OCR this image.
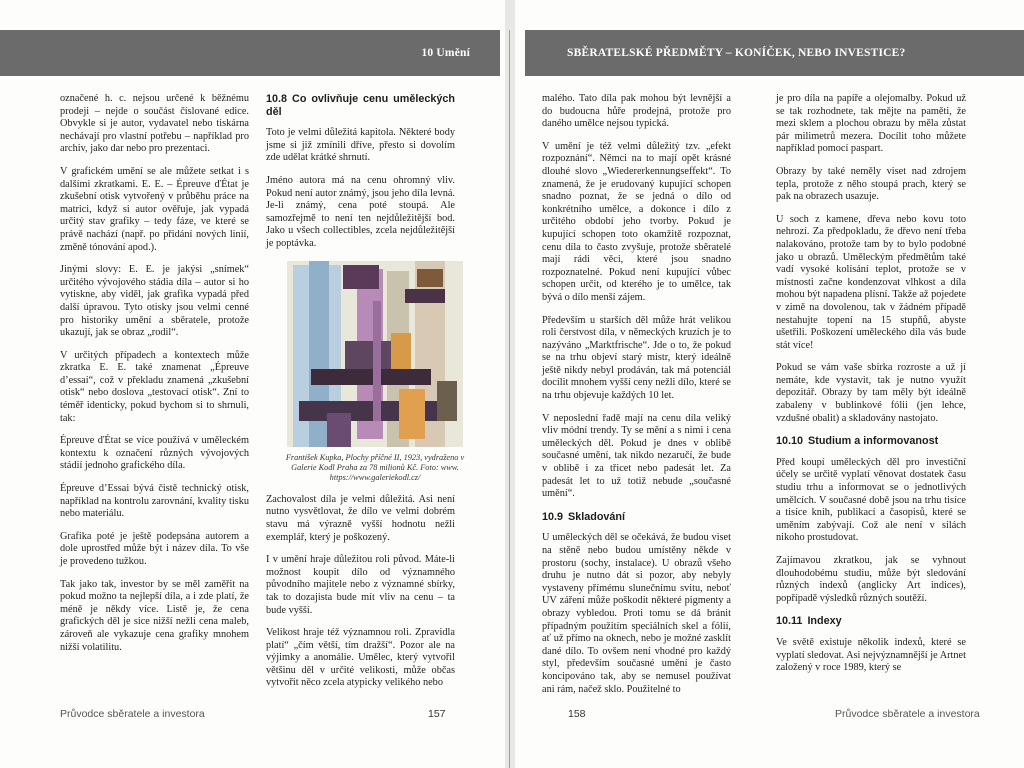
10 Umění

označené h. c. nejsou určené k běžnému prodeji – nejde o součást číslované edice. Obvykle si je autor, vydavatel nebo tiskárna nechávají pro vlastní potřebu – například pro archiv, jako dar nebo pro prezentaci.

V grafickém umění se ale můžete setkat i s dalšími zkratkami. E. E. – Épreuve ďÉtat je zkušební otisk vytvořený v průběhu práce na matrici, když si autor ověřuje, jak vypadá určitý stav grafiky – tedy fáze, ve které se právě nachází (např. po přidání nových linií, změně tónování apod.).

Jinými slovy: E. E. je jakýsi „snímek“ určitého vývojového stádia díla – autor si ho vytiskne, aby viděl, jak grafika vypadá před další úpravou. Tyto otisky jsou velmi cenné pro historiky umění a sběratele, protože ukazují, jak se obraz „rodil“.

V určitých případech a kontextech může zkratka E. E. také znamenat „Épreuve d’essai“, což v překladu znamená „zkušební otisk“ nebo doslova „testovací otisk“. Zní to téměř identicky, pokud bychom si to shrnuli, tak:

Épreuve ďÉtat se více používá v uměleckém kontextu k označení různých vývojových stádií jednoho grafického díla.

Épreuve d’Essai bývá čistě technický otisk, například na kontrolu zarovnání, kvality tisku nebo materiálu.

Grafika poté je ještě podepsána autorem a dole uprostřed může být i název díla. To vše je provedeno tužkou.

Tak jako tak, investor by se měl zaměřit na pokud možno ta nejlepší díla, a i zde platí, že méně je někdy více. Listě je, že cena grafických děl je sice nižší nežli cena maleb, zároveň ale vykazuje cena grafiky mnohem nižší volatilitu.

10.8 Co ovlivňuje cenu uměleckých děl

Toto je velmi důležitá kapitola. Některé body jsme si již zmínili dříve, přesto si dovolím zde udělat krátké shrnutí.

Jméno autora má na cenu ohromný vliv. Pokud není autor známý, jsou jeho díla levná. Je-li známý, cena poté stoupá. Ale samozřejmě to není ten nejdůležitější bod. Jako u všech collectibles, zcela nejdůležitější je poptávka.

František Kupka, Plochy příčné II, 1923, vydraženo v Galerie Kodl Praha za 78 milionů Kč. Foto: www. https://www.galeriekodl.cz/

Zachovalost díla je velmi důležitá. Asi není nutno vysvětlovat, že dílo ve velmi dobrém stavu má výrazně vyšší hodnotu nežli exemplář, který je poškozený.

I v umění hraje důležitou roli původ. Máte-li možnost koupit dílo od významného původního majitele nebo z významné sbírky, tak to dozajista bude mít vliv na cenu – ta bude vyšší.

Velikost hraje též významnou roli. Zpravidla platí“ „čím větší, tím dražší“. Pozor ale na výjimky a anomálie. Umělec, který vytvořil většinu děl v určité velikosti, může občas vytvořit něco zcela atypicky velikého nebo

Průvodce sběratele a investora	157
SBĚRATELSKÉ PŘEDMĚTY – KONÍČEK, NEBO INVESTICE?

malého. Tato díla pak mohou být levnější a do budoucna hůře prodejná, protože pro daného umělce nejsou typická.

V umění je též velmi důležitý tzv. „efekt rozpoznání“. Němci na to mají opět krásné dlouhé slovo „Wiedererkennungseffekt“. To znamená, že je erudovaný kupující schopen snadno poznat, že se jedná o dílo od konkrétního umělce, a dokonce i dílo z určitého období jeho tvorby. Pokud je kupující schopen toto okamžitě rozpoznat, cenu díla to často zvyšuje, protože sběratelé mají rádi věci, které jsou snadno rozpoznatelné. Pokud není kupující vůbec schopen určit, od kterého je to umělce, tak bývá o dílo menší zájem.

Především u starších děl může hrát velikou roli čerstvost díla, v německých kruzích je to nazýváno „Marktfrische“. Jde o to, že pokud se na trhu objeví starý mistr, který ideálně ještě nikdy nebyl prodáván, tak má potenciál docílit mnohem vyšší ceny nežli dílo, které se na trhu objevuje každých 10 let.

V neposlední řadě mají na cenu díla veliký vliv módní trendy. Ty se mění a s nimi i cena uměleckých děl. Pokud je dnes v oblibě současné umění, tak nikdo nezaručí, že bude v oblibě i za třicet nebo padesát let. Za padesát let to už totiž nebude „současné umění“.

10.9 Skladování

U uměleckých děl se očekává, že budou viset na stěně nebo budou umístěny někde v prostoru (sochy, instalace). U obrazů všeho druhu je nutno dát si pozor, aby nebyly vystaveny přímému slunečnímu svitu, neboť UV záření může poškodit některé pigmenty a obrazy vybledou. Proti tomu se dá bránit případným použitím speciálních skel a fólií, ať už přímo na oknech, nebo je možné zasklít dané dílo. To ovšem není vhodné pro každý styl, především současné umění je často koncipováno tak, aby se nemusel používat ani rám, načež sklo. Použitelné to

je pro díla na papíře a olejomalby. Pokud už se tak rozhodnete, tak mějte na paměti, že mezi sklem a plochou obrazu by měla zůstat pár milimetrů mezera. Docílit toho můžete například pomocí paspart.

Obrazy by také neměly viset nad zdrojem tepla, protože z něho stoupá prach, který se pak na obrazech usazuje.

U soch z kamene, dřeva nebo kovu toto nehrozí. Za předpokladu, že dřevo není třeba nalakováno, protože tam by to bylo podobné jako u obrazů. Uměleckým předmětům také vadí vysoké kolísání teplot, protože se v místnosti začne kondenzovat vlhkost a díla mohou být napadena plísní. Takže až pojedete v zimě na dovolenou, tak v žádném případě nestahujte topení na 15 stupňů, abyste ušetřili. Poškození uměleckého díla vás bude stát více!

Pokud se vám vaše sbírka rozroste a už jí nemáte, kde vystavit, tak je nutno využít depozitář. Obrazy by tam měly být ideálně zabaleny v bublinkové fólii (jen lehce, vzdušné obalit) a skladovány nastojato.

10.10 Studium a informovanost

Před koupí uměleckých děl pro investiční účely se určitě vyplatí věnovat dostatek času studiu trhu a informovat se o jednotlivých umělcích. V současné době jsou na trhu tisíce a tisíce knih, publikací a časopisů, které se uměním zabývají. Což ale není v silách nikoho prostudovat.

Zajímavou zkratkou, jak se vyhnout dlouhodobému studiu, může být sledování různých indexů (anglicky Art indices), popřípadě výsledků různých soutěží.

10.11 Indexy

Ve světě existuje několik indexů, které se vyplatí sledovat. Asi nejvýznamnější je Artnet založený v roce 1989, který se

158	Průvodce sběratele a investora
